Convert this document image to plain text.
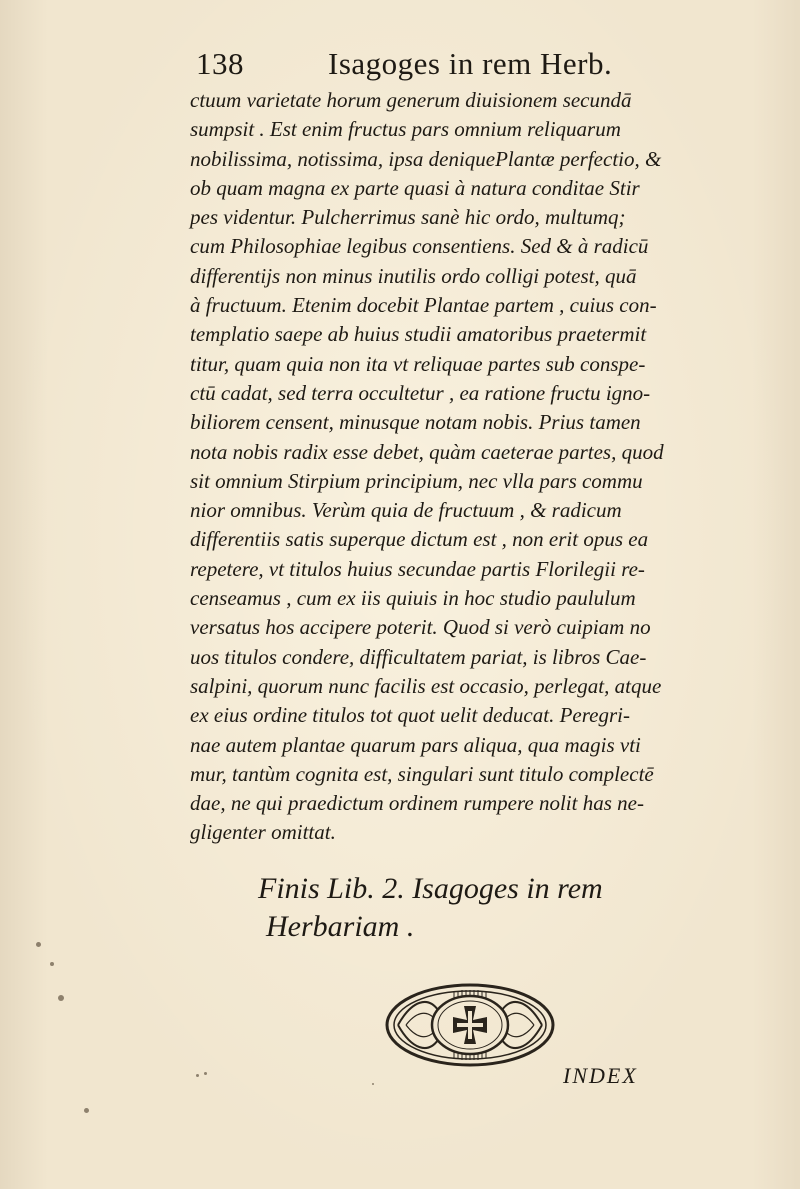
138	Isagoges in rem Herb.
ctuum varietate horum generum diuisionem secundā
sumpsit . Est enim fructus pars omnium reliquarum
nobilissima, notissima, ipsa deniquePlantæ perfectio, &
ob quam magna ex parte quasi à natura conditae Stir
pes videntur. Pulcherrimus sanè hic ordo, multumq;
cum Philosophiae legibus consentiens. Sed & à radicū
differentijs non minus inutilis ordo colligi potest, quā
à fructuum. Etenim docebit Plantae partem , cuius con-
templatio saepe ab huius studii amatoribus praetermit
titur, quam quia non ita vt reliquae partes sub conspe-
ctū cadat, sed terra occultetur , ea ratione fructu igno-
biliorem censent, minusque notam nobis. Prius tamen
nota nobis radix esse debet, quàm caeterae partes, quod
sit omnium Stirpium principium, nec vlla pars commu
nior omnibus. Verùm quia de fructuum , & radicum
differentiis satis superque dictum est , non erit opus ea
repetere, vt titulos huius secundae partis Florilegii re-
censeamus , cum ex iis quiuis in hoc studio paululum
versatus hos accipere poterit. Quod si verò cuipiam no
uos titulos condere, difficultatem pariat, is libros Cae-
salpini, quorum nunc facilis est occasio, perlegat, atque
ex eius ordine titulos tot quot uelit deducat. Peregri-
nae autem plantae quarum pars aliqua, qua magis vti
mur, tantùm cognita est, singulari sunt titulo complectē
dae, ne qui praedictum ordinem rumpere nolit has ne-
gligenter omittat.
Finis Lib. 2. Isagoges in rem
Herbariam .
INDEX
